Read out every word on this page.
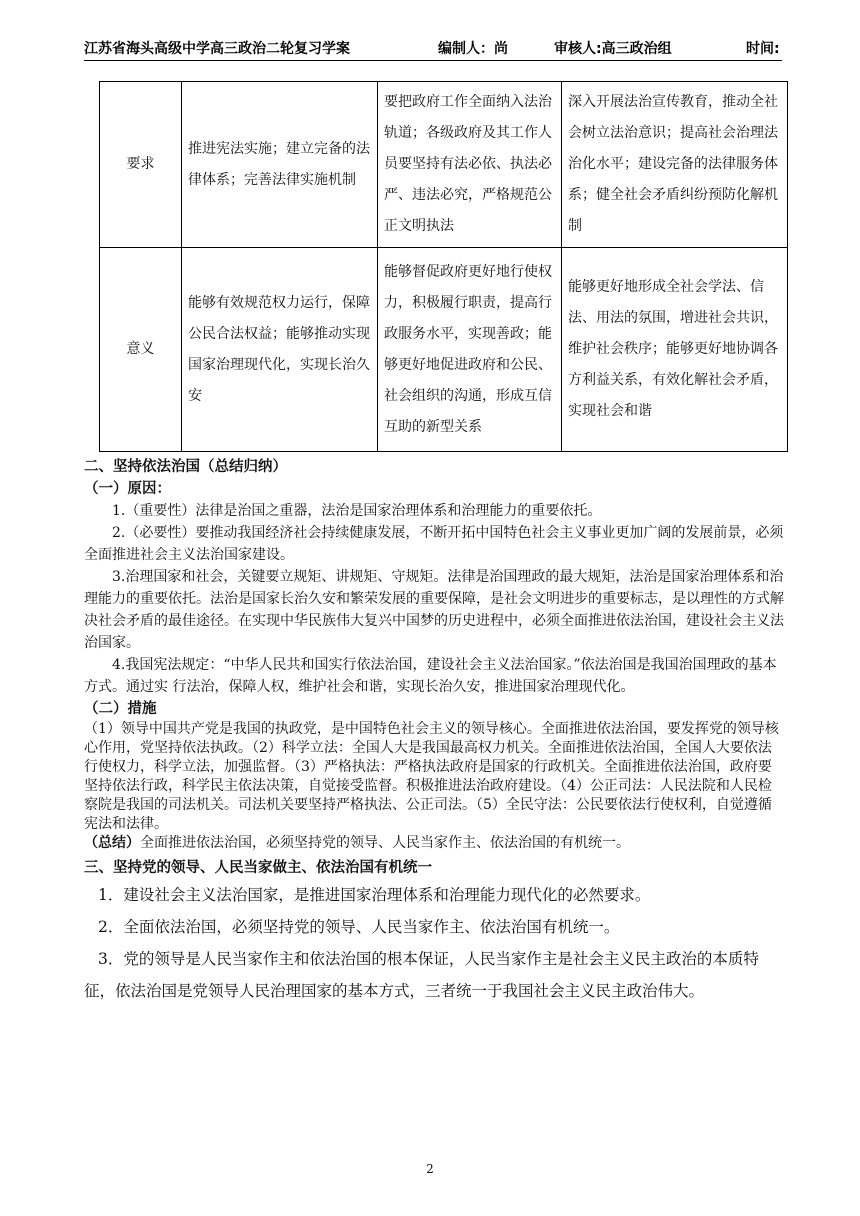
江苏省海头高级中学高三政治二轮复习学案	编制人：尚	审核人:高三政治组	时间:
要求	推进宪法实施；建立完备的法律体系；完善法律实施机制	要把政府工作全面纳入法治轨道；各级政府及其工作人员要坚持有法必依、执法必严、违法必究，严格规范公正文明执法	深入开展法治宣传教育，推动全社会树立法治意识；提高社会治理法治化水平；建设完备的法律服务体系；健全社会矛盾纠纷预防化解机制
意义	能够有效规范权力运行，保障公民合法权益；能够推动实现国家治理现代化，实现长治久安	能够督促政府更好地行使权力，积极履行职责，提高行政服务水平，实现善政；能够更好地促进政府和公民、社会组织的沟通，形成互信互助的新型关系	能够更好地形成全社会学法、信法、用法的氛围，增进社会共识，维护社会秩序；能够更好地协调各方利益关系，有效化解社会矛盾，实现社会和谐

二、坚持依法治国（总结归纳）

（一）原因：

1.（重要性）法律是治国之重器，法治是国家治理体系和治理能力的重要依托。

2.（必要性）要推动我国经济社会持续健康发展，不断开拓中国特色社会主义事业更加广阔的发展前景，必须全面推进社会主义法治国家建设。

3.治理国家和社会，关键要立规矩、讲规矩、守规矩。法律是治国理政的最大规矩，法治是国家治理体系和治理能力的重要依托。法治是国家长治久安和繁荣发展的重要保障，是社会文明进步的重要标志，是以理性的方式解决社会矛盾的最佳途径。在实现中华民族伟大复兴中国梦的历史进程中，必须全面推进依法治国，建设社会主义法治国家。

4.我国宪法规定：“中华人民共和国实行依法治国，建设社会主义法治国家。”依法治国是我国治国理政的基本方式。通过实 行法治，保障人权，维护社会和谐，实现长治久安，推进国家治理现代化。

（二）措施

（1）领导中国共产党是我国的执政党，是中国特色社会主义的领导核心。全面推进依法治国，要发挥党的领导核心作用，党坚持依法执政。（2）科学立法：全国人大是我国最高权力机关。全面推进依法治国，全国人大要依法行使权力，科学立法，加强监督。（3）严格执法：严格执法政府是国家的行政机关。全面推进依法治国，政府要坚持依法行政，科学民主依法决策，自觉接受监督。积极推进法治政府建设。（4）公正司法：人民法院和人民检察院是我国的司法机关。司法机关要坚持严格执法、公正司法。（5）全民守法：公民要依法行使权利，自觉遵循宪法和法律。

（总结）全面推进依法治国，必须坚持党的领导、人民当家作主、依法治国的有机统一。

三、坚持党的领导、人民当家做主、依法治国有机统一

1．建设社会主义法治国家，是推进国家治理体系和治理能力现代化的必然要求。

2．全面依法治国，必须坚持党的领导、人民当家作主、依法治国有机统一。

3．党的领导是人民当家作主和依法治国的根本保证，人民当家作主是社会主义民主政治的本质特征，依法治国是党领导人民治理国家的基本方式，三者统一于我国社会主义民主政治伟大。

2
